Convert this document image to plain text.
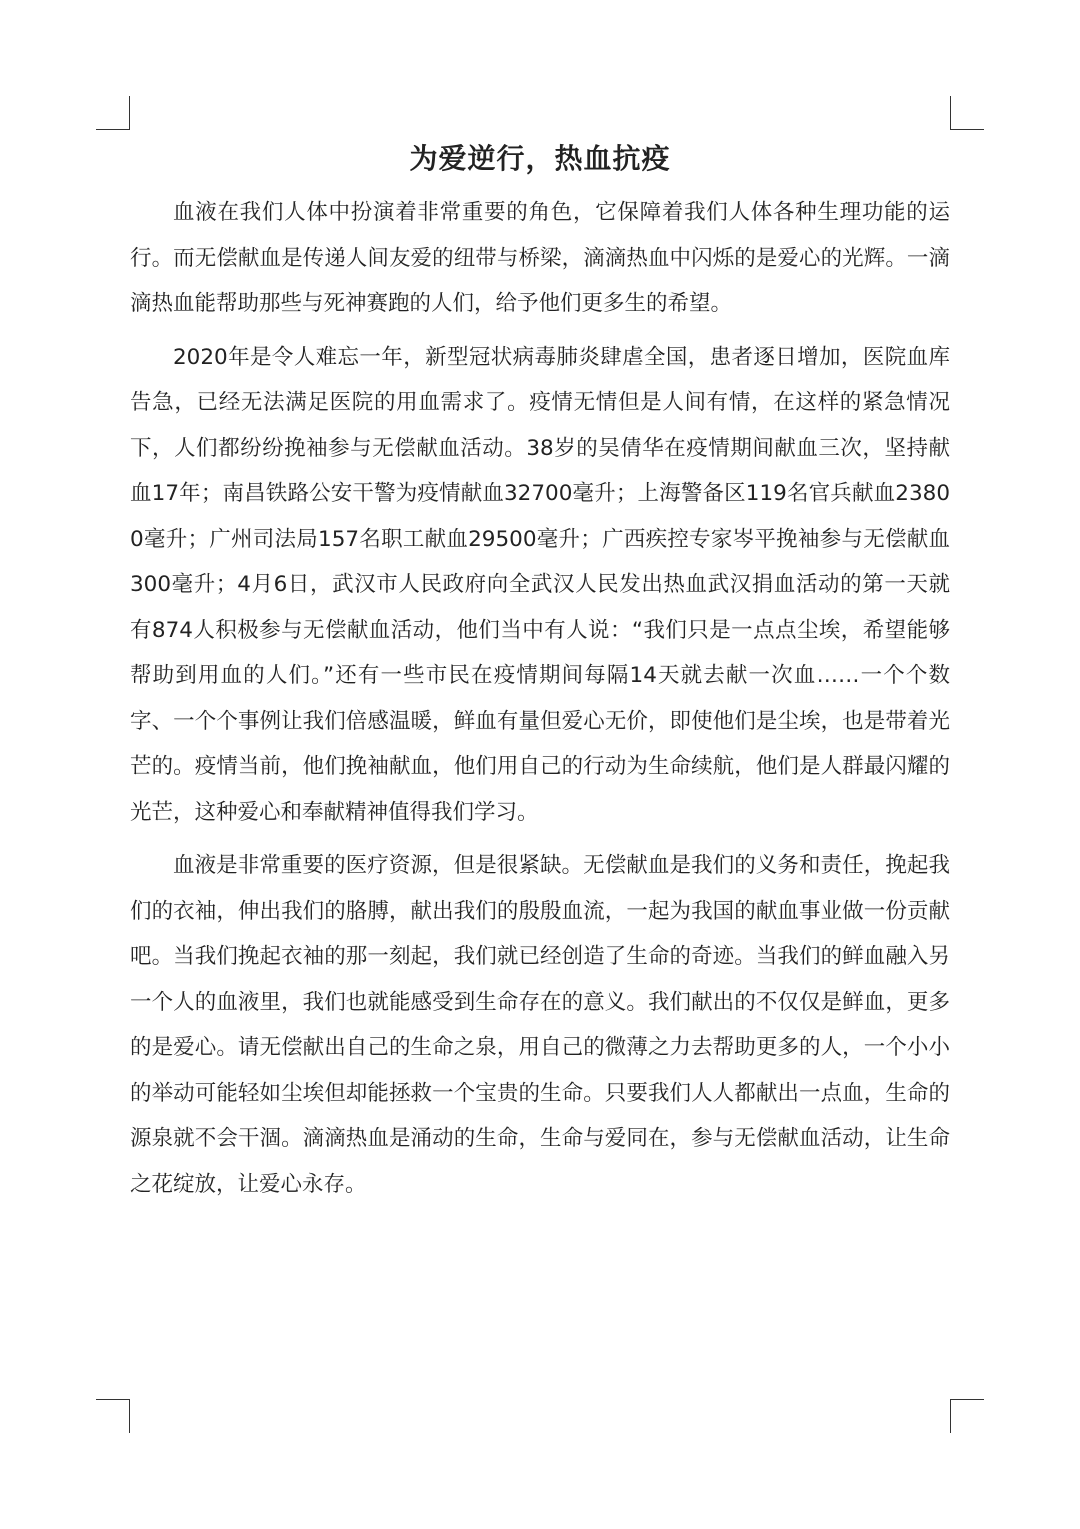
为爱逆行，热血抗疫

血液在我们人体中扮演着非常重要的角色，它保障着我们人体各种生理功能的运行。而无偿献血是传递人间友爱的纽带与桥梁，滴滴热血中闪烁的是爱心的光辉。一滴滴热血能帮助那些与死神赛跑的人们，给予他们更多生的希望。

2020年是令人难忘一年，新型冠状病毒肺炎肆虐全国，患者逐日增加，医院血库告急，已经无法满足医院的用血需求了。疫情无情但是人间有情，在这样的紧急情况下，人们都纷纷挽袖参与无偿献血活动。38岁的吴倩华在疫情期间献血三次，坚持献血17年；南昌铁路公安干警为疫情献血32700毫升；上海警备区119名官兵献血23800毫升；广州司法局157名职工献血29500毫升；广西疾控专家岑平挽袖参与无偿献血300毫升；4月6日，武汉市人民政府向全武汉人民发出热血武汉捐血活动的第一天就有874人积极参与无偿献血活动，他们当中有人说：“我们只是一点点尘埃，希望能够帮助到用血的人们。”还有一些市民在疫情期间每隔14天就去献一次血……一个个数字、一个个事例让我们倍感温暖，鲜血有量但爱心无价，即使他们是尘埃，也是带着光芒的。疫情当前，他们挽袖献血，他们用自己的行动为生命续航，他们是人群最闪耀的光芒，这种爱心和奉献精神值得我们学习。

血液是非常重要的医疗资源，但是很紧缺。无偿献血是我们的义务和责任，挽起我们的衣袖，伸出我们的胳膊，献出我们的殷殷血流，一起为我国的献血事业做一份贡献吧。当我们挽起衣袖的那一刻起，我们就已经创造了生命的奇迹。当我们的鲜血融入另一个人的血液里，我们也就能感受到生命存在的意义。我们献出的不仅仅是鲜血，更多的是爱心。请无偿献出自己的生命之泉，用自己的微薄之力去帮助更多的人，一个小小的举动可能轻如尘埃但却能拯救一个宝贵的生命。只要我们人人都献出一点血，生命的源泉就不会干涸。滴滴热血是涌动的生命，生命与爱同在，参与无偿献血活动，让生命之花绽放，让爱心永存。
